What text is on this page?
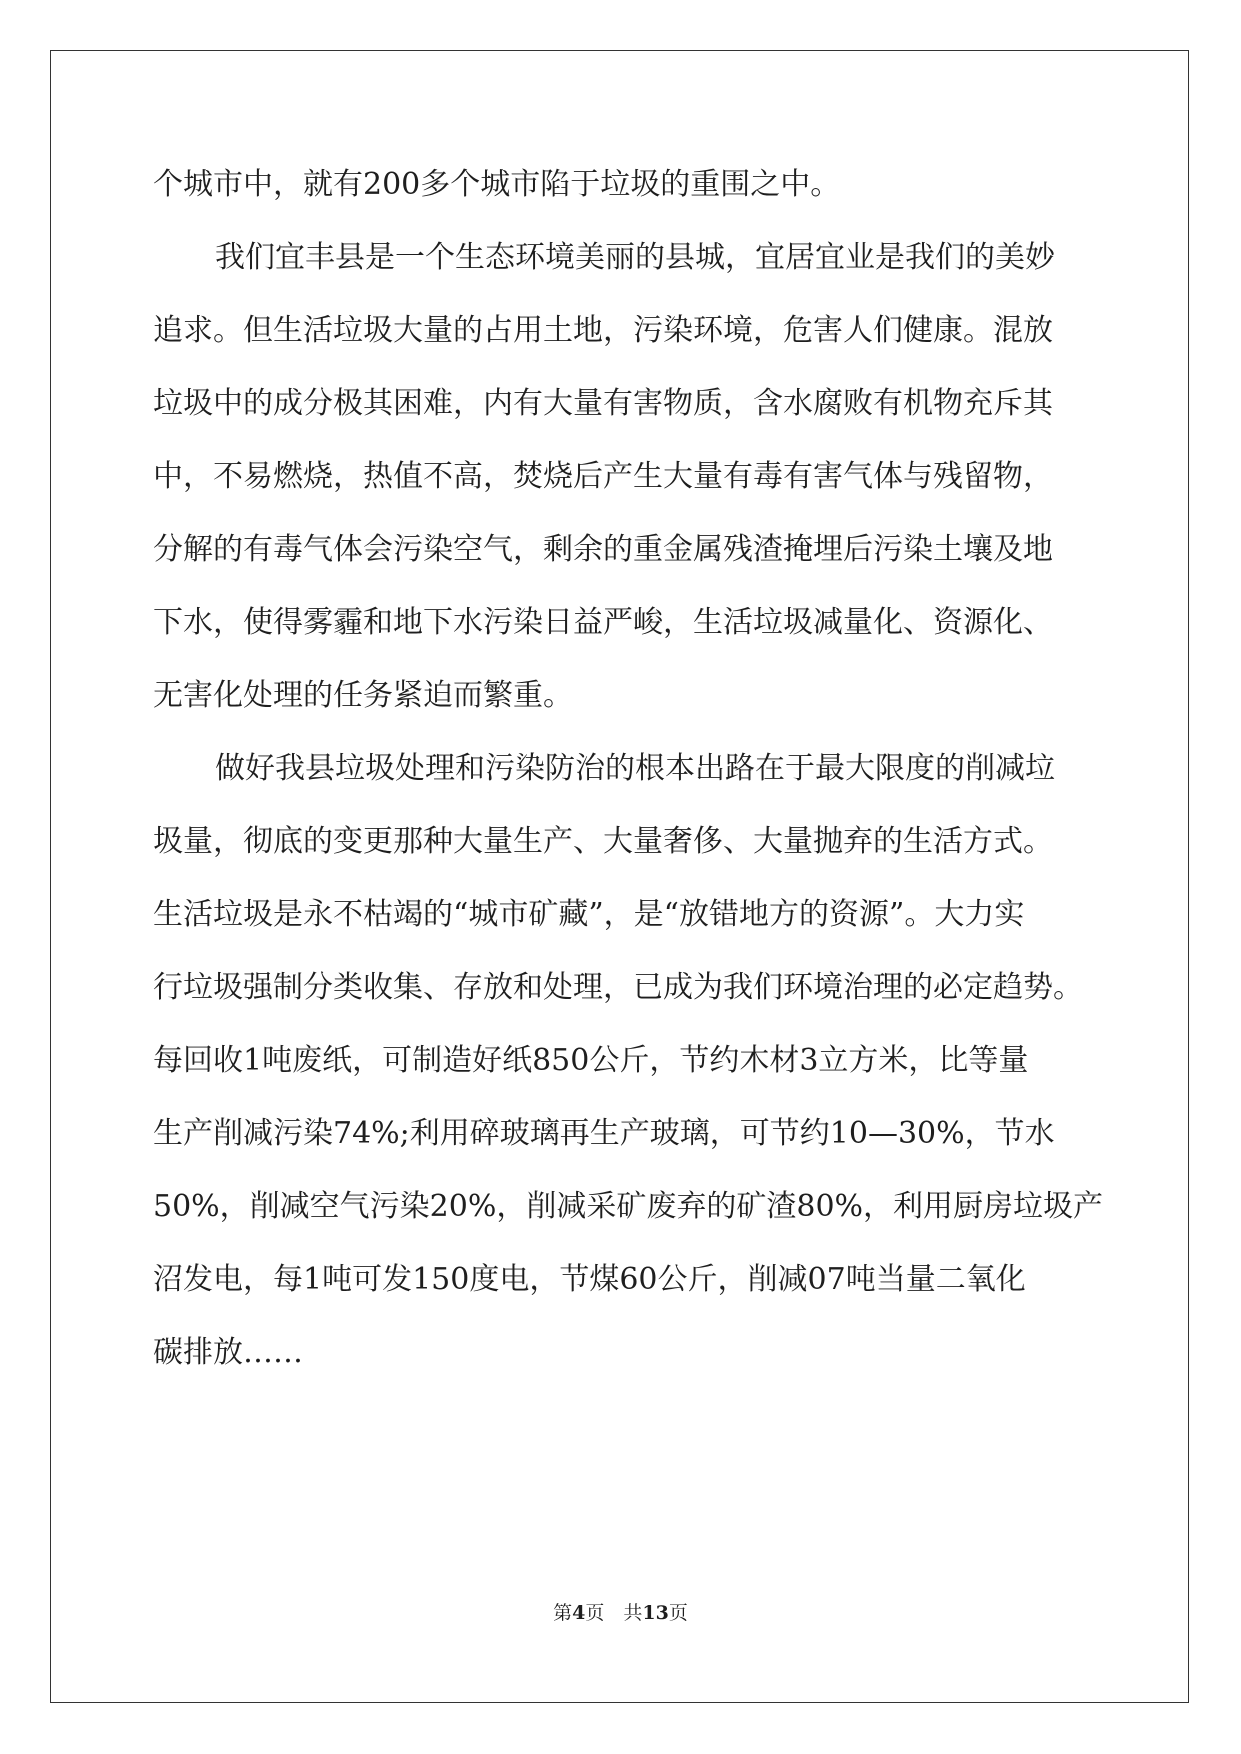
个城市中，就有200多个城市陷于垃圾的重围之中。
我们宜丰县是一个生态环境美丽的县城，宜居宜业是我们的美妙
追求。但生活垃圾大量的占用土地，污染环境，危害人们健康。混放
垃圾中的成分极其困难，内有大量有害物质，含水腐败有机物充斥其
中，不易燃烧，热值不高，焚烧后产生大量有毒有害气体与残留物，
分解的有毒气体会污染空气，剩余的重金属残渣掩埋后污染土壤及地
下水，使得雾霾和地下水污染日益严峻，生活垃圾减量化、资源化、
无害化处理的任务紧迫而繁重。
做好我县垃圾处理和污染防治的根本出路在于最大限度的削减垃
圾量，彻底的变更那种大量生产、大量奢侈、大量抛弃的生活方式。
生活垃圾是永不枯竭的“城市矿藏”，是“放错地方的资源”。大力实
行垃圾强制分类收集、存放和处理，已成为我们环境治理的必定趋势。
每回收1吨废纸，可制造好纸850公斤，节约木材3立方米，比等量
生产削减污染74%;利用碎玻璃再生产玻璃，可节约10—30%，节水
50%，削减空气污染20%，削减采矿废弃的矿渣80%，利用厨房垃圾产
沼发电，每1吨可发150度电，节煤60公斤，削减07吨当量二氧化
碳排放……
第4页　共13页
